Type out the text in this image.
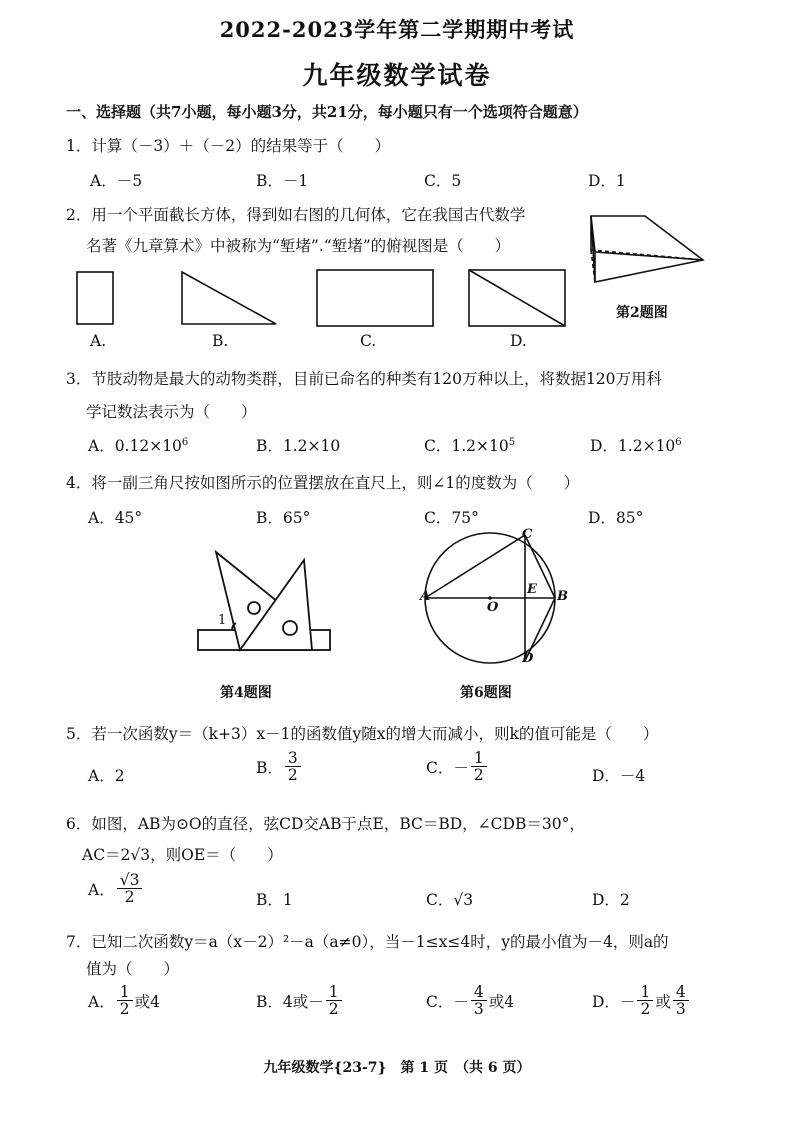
2022-2023学年第二学期期中考试
九年级数学试卷
一、选择题（共7小题，每小题3分，共21分，每小题只有一个选项符合题意）
1．计算（－3）＋（－2）的结果等于（　　）
A．－5	B．－1	C．5	D．1
2．用一个平面截长方体，得到如右图的几何体，它在我国古代数学
名著《九章算术》中被称为“堑堵”.“堑堵”的俯视图是（　　）
第2题图
A.	B.	C.	D.
3．节肢动物是最大的动物类群，目前已命名的种类有120万种以上，将数据120万用科
学记数法表示为（　　）
A．$0.12\times 10^6$	B．1.2×10	C．$1.2\times 10^5$	D．$1.2\times 10^6$
4．将一副三角尺按如图所示的位置摆放在直尺上，则∠1的度数为（　　）
A．45°	B．65°	C．75°	D．85°
1
第4题图
A
O
E B
C
D
第6题图
5．若一次函数y＝（k+3）x－1的函数值y随x的增大而减小，则k的值可能是（　　）
A．2	B． $\frac{3}{2}$	C．－ $\frac{1}{2}$	D．－4
6．如图，AB为⊙O的直径，弦CD交AB于点E，BC＝BD，∠CDB＝30°，
AC＝2√3，则OE＝（　　）
A． $\frac{√3}{2}$	B．1	C．√3	D．2
7．已知二次函数y＝a（x－2）²－a（a≠0），当－1≤x≤4时，y的最小值为－4，则a的
值为（　　）
A． $\frac{1}{2}$ 或4	B．4或－ $\frac{1}{2}$	C．－ $\frac{4}{3}$ 或4	D．－ $\frac{1}{2}$ 或 $\frac{4}{3}$
九年级数学{23-7}　第 1 页　（共 6 页）
